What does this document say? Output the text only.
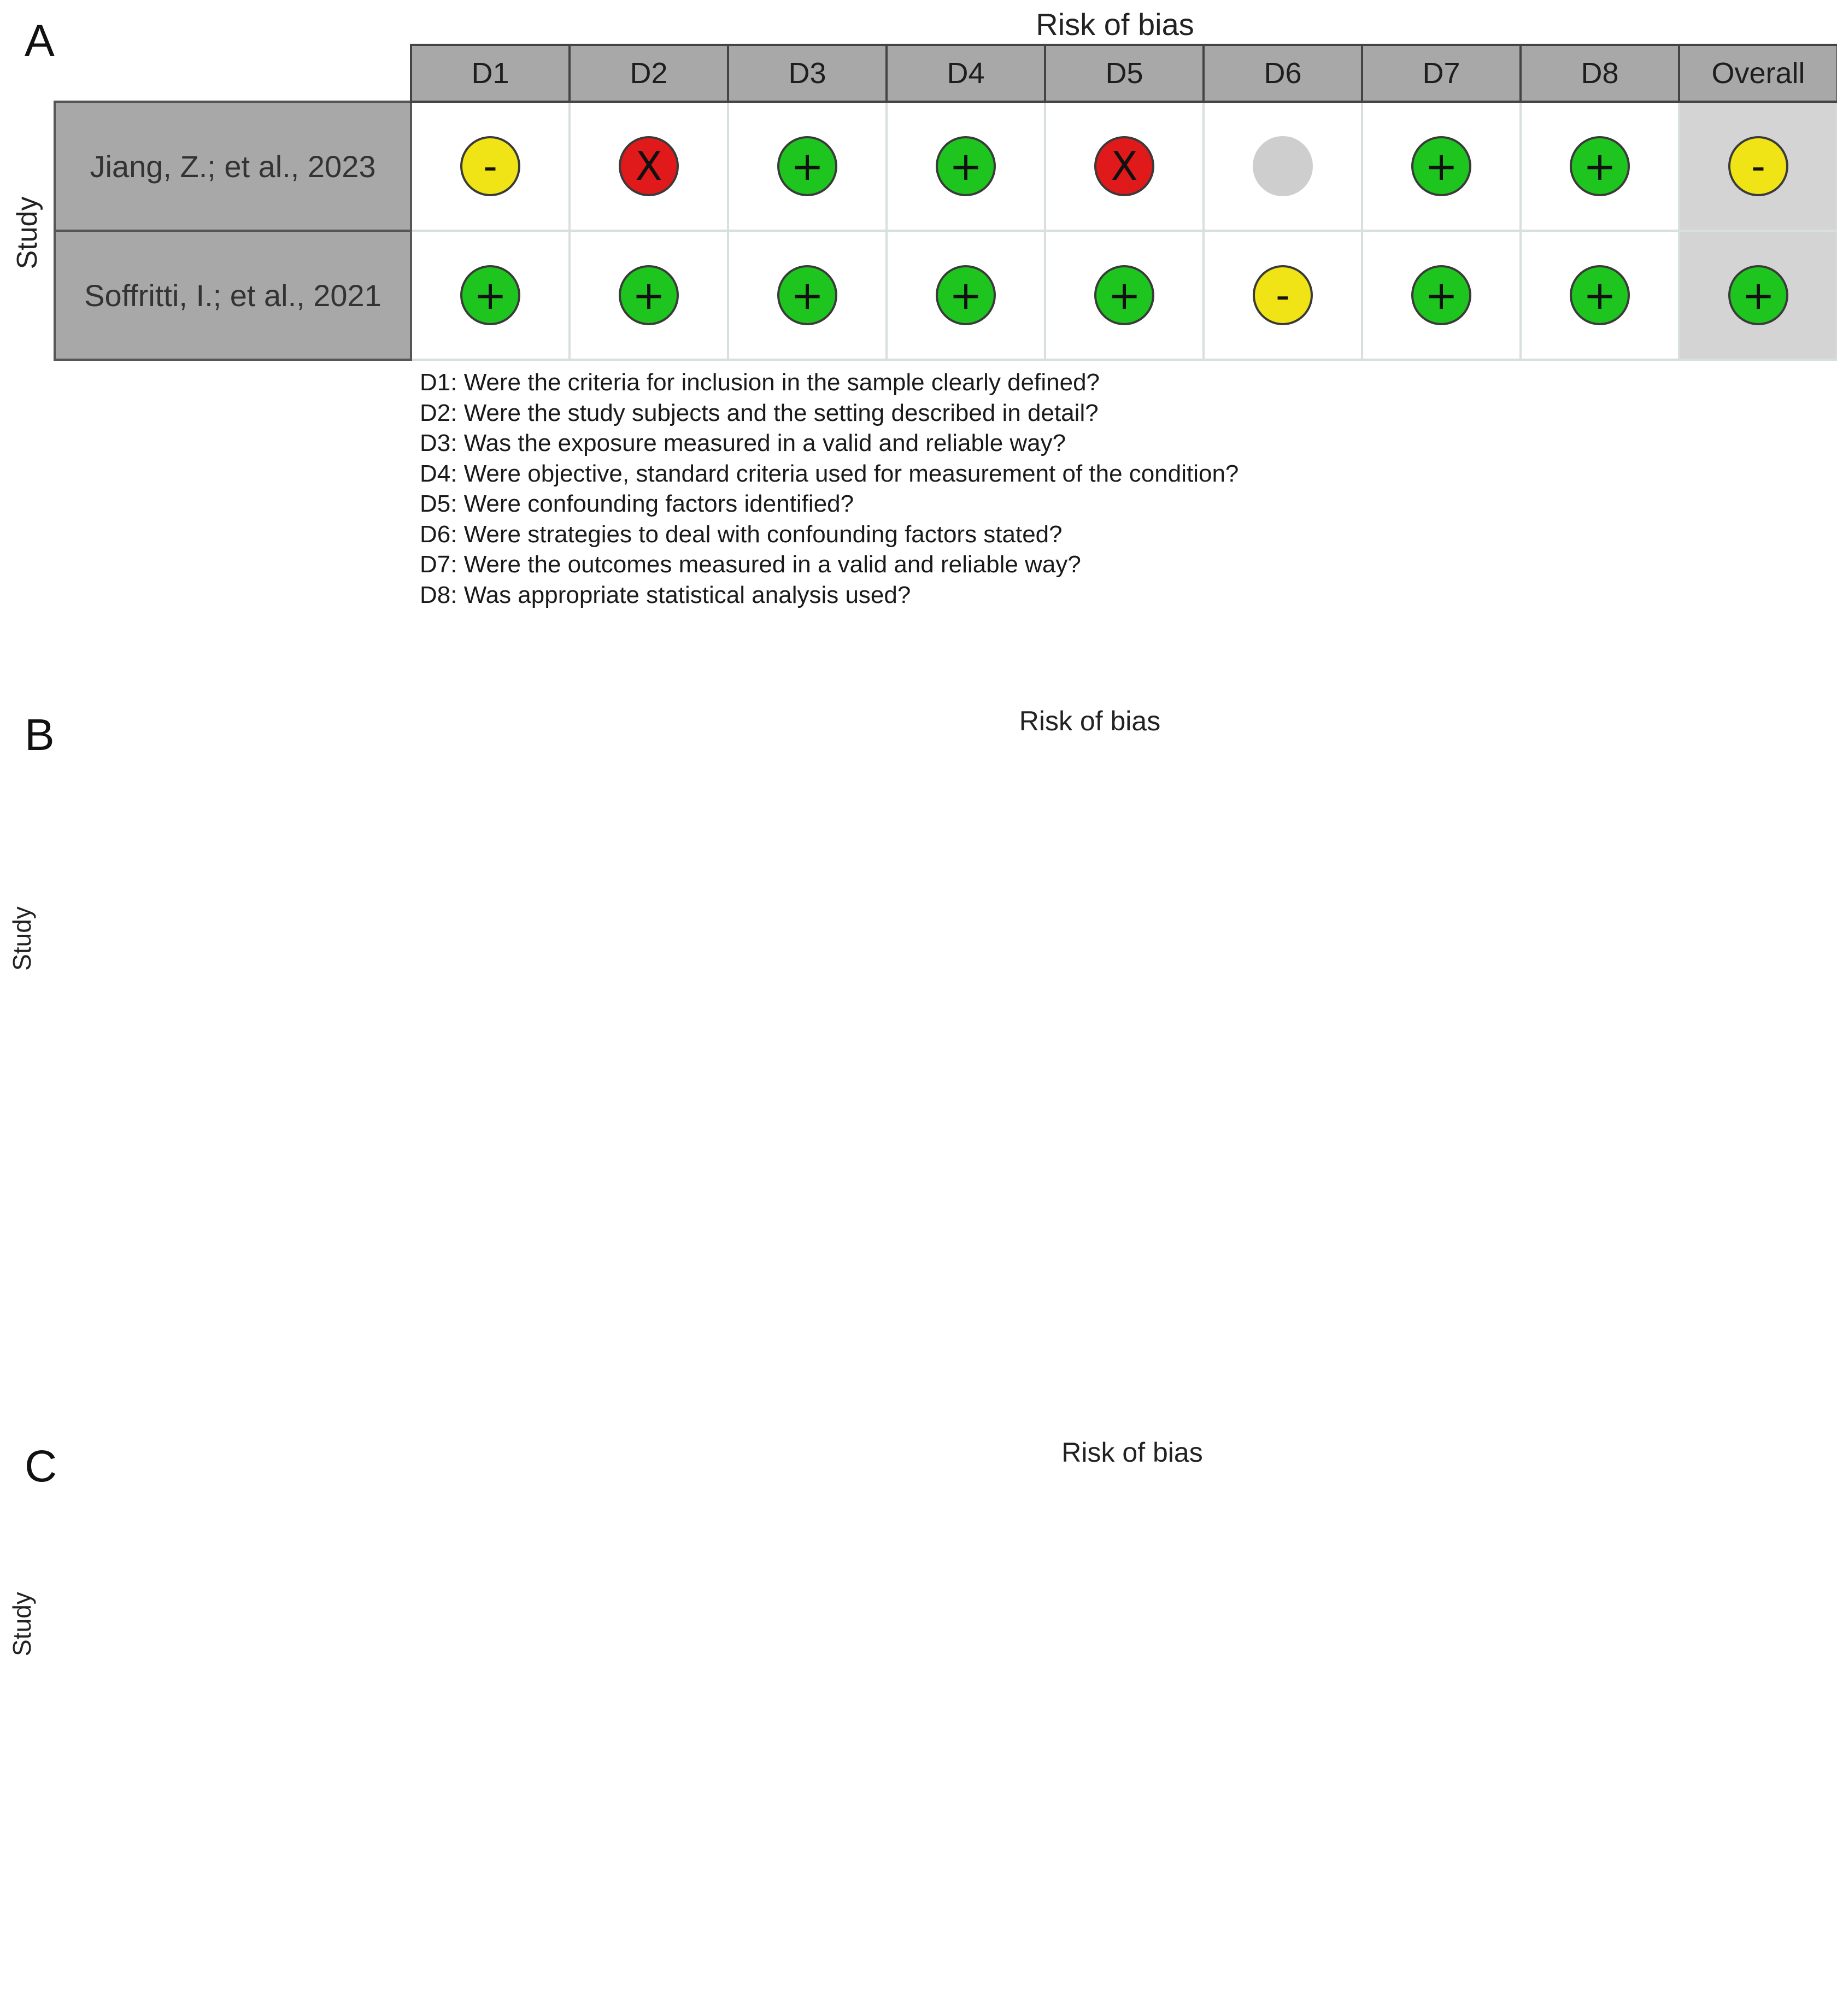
A	Risk of bias
Study
	D1	D2	D3	D4	D5	D6	D7	D8	Overall
Jiang, Z.; et al., 2023	-	X	+	+	X		+	+	-

Soffritti, I.; et al., 2021	+	+	+	+	+	-	+	+	+
D1: Were the criteria for inclusion in the sample clearly defined?
D2: Were the study subjects and the setting described in detail?
D3: Was the exposure measured in a valid and reliable way?
D4: Were objective, standard criteria used for measurement of the condition?
D5: Were confounding factors identified?
D6: Were strategies to deal with confounding factors stated?
D7: Were the outcomes measured in a valid and reliable way?
D8: Was appropriate statistical analysis used?
B	Risk of bias
Study
C	Risk of bias
Study
